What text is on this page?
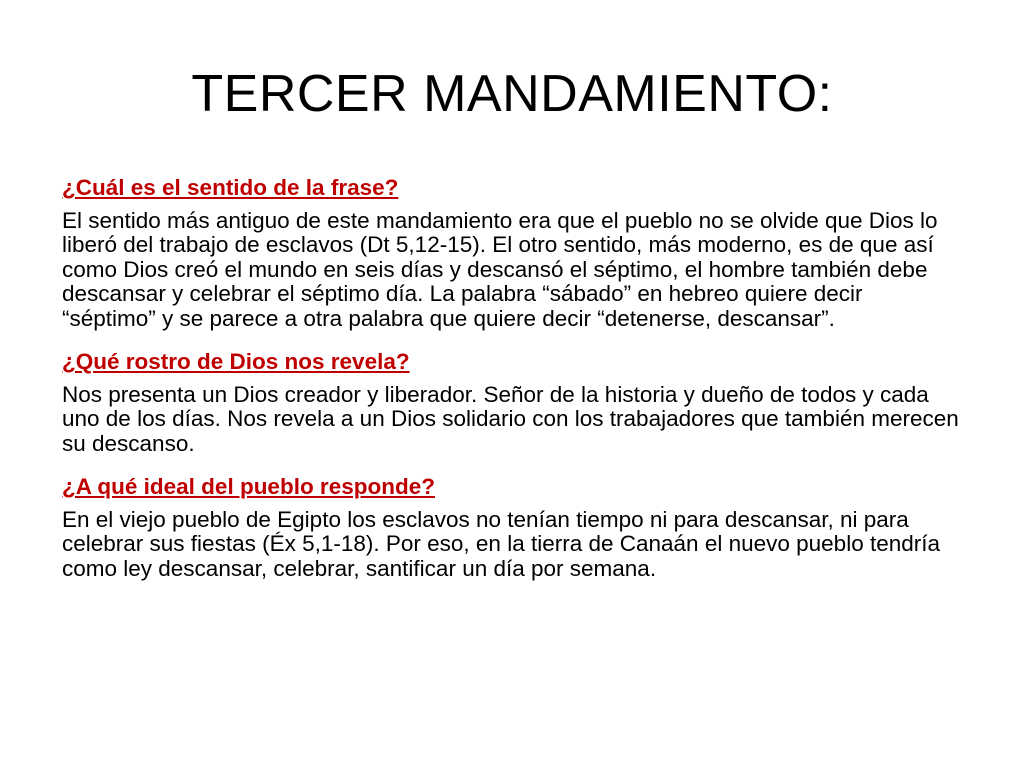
TERCER MANDAMIENTO:

¿Cuál es el sentido de la frase?

El sentido más antiguo de este mandamiento era que el pueblo no se olvide que Dios lo liberó del trabajo de esclavos (Dt 5,12-15). El otro sentido, más moderno, es de que así como Dios creó el mundo en seis días y descansó el séptimo, el hombre también debe descansar y celebrar el séptimo día. La palabra “sábado” en hebreo quiere decir “séptimo” y se parece a otra palabra que quiere decir “detenerse, descansar”.

¿Qué rostro de Dios nos revela?

Nos presenta un Dios creador y liberador. Señor de la historia y dueño de todos y cada uno de los días. Nos revela a un Dios solidario con los trabajadores que también merecen su descanso.

¿A qué ideal del pueblo responde?

En el viejo pueblo de Egipto los esclavos no tenían tiempo ni para descansar, ni para celebrar sus fiestas (Éx 5,1-18). Por eso, en la tierra de Canaán el nuevo pueblo tendría como ley descansar, celebrar, santificar un día por semana.
